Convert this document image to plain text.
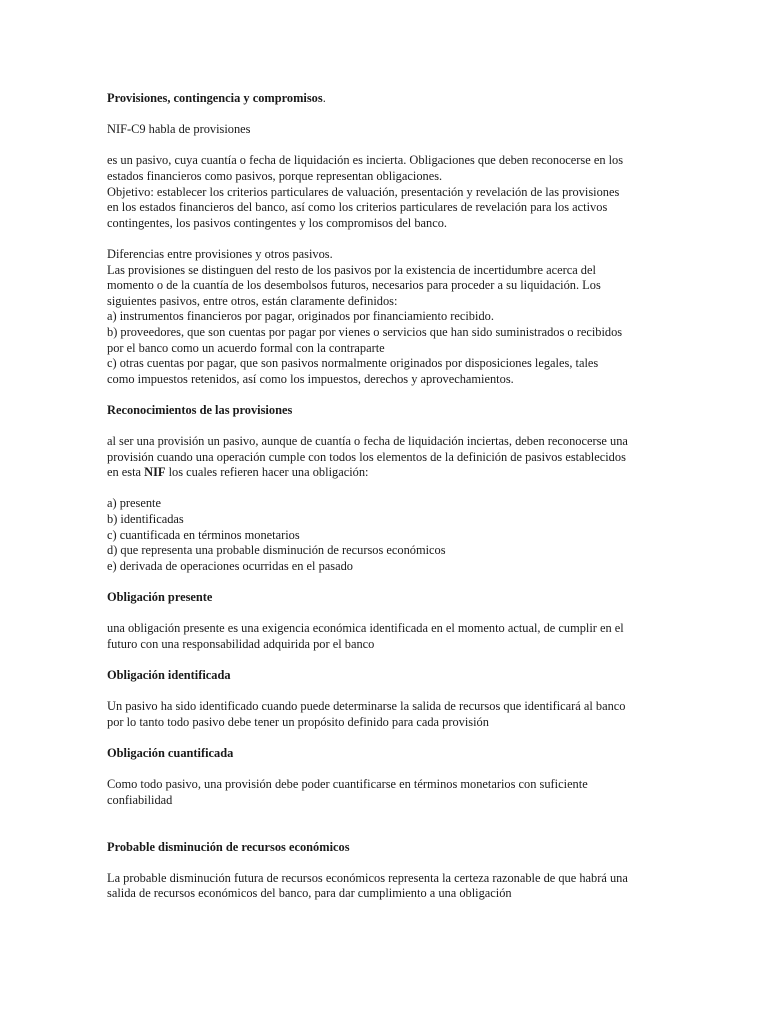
Provisiones, contingencia y compromisos.

NIF-C9 habla de provisiones

es un pasivo, cuya cuantía o fecha de liquidación es incierta. Obligaciones que deben reconocerse en los
estados financieros como pasivos, porque representan obligaciones.
Objetivo: establecer los criterios particulares de valuación, presentación y revelación de las provisiones
en los estados financieros del banco, así como los criterios particulares de revelación para los activos
contingentes, los pasivos contingentes y los compromisos del banco.

Diferencias entre provisiones y otros pasivos.
Las provisiones se distinguen del resto de los pasivos por la existencia de incertidumbre acerca del
momento o de la cuantía de los desembolsos futuros, necesarios para proceder a su liquidación. Los
siguientes pasivos, entre otros, están claramente definidos:
a) instrumentos financieros por pagar, originados por financiamiento recibido.
b) proveedores, que son cuentas por pagar por vienes o servicios que han sido suministrados o recibidos
por el banco como un acuerdo formal con la contraparte
c) otras cuentas por pagar, que son pasivos normalmente originados por disposiciones legales, tales
como impuestos retenidos, así como los impuestos, derechos y aprovechamientos.

Reconocimientos de las provisiones

al ser una provisión un pasivo, aunque de cuantía o fecha de liquidación inciertas, deben reconocerse una
provisión cuando una operación cumple con todos los elementos de la definición de pasivos establecidos
en esta NIF los cuales refieren hacer una obligación:

a) presente
b) identificadas
c) cuantificada en términos monetarios
d) que representa una probable disminución de recursos económicos
e) derivada de operaciones ocurridas en el pasado

Obligación presente

una obligación presente es una exigencia económica identificada en el momento actual, de cumplir en el
futuro con una responsabilidad adquirida por el banco

Obligación identificada

Un pasivo ha sido identificado cuando puede determinarse la salida de recursos que identificará al banco
por lo tanto todo pasivo debe tener un propósito definido para cada provisión

Obligación cuantificada

Como todo pasivo, una provisión debe poder cuantificarse en términos monetarios con suficiente
confiabilidad

Probable disminución de recursos económicos

La probable disminución futura de recursos económicos representa la certeza razonable de que habrá una
salida de recursos económicos del banco, para dar cumplimiento a una obligación
